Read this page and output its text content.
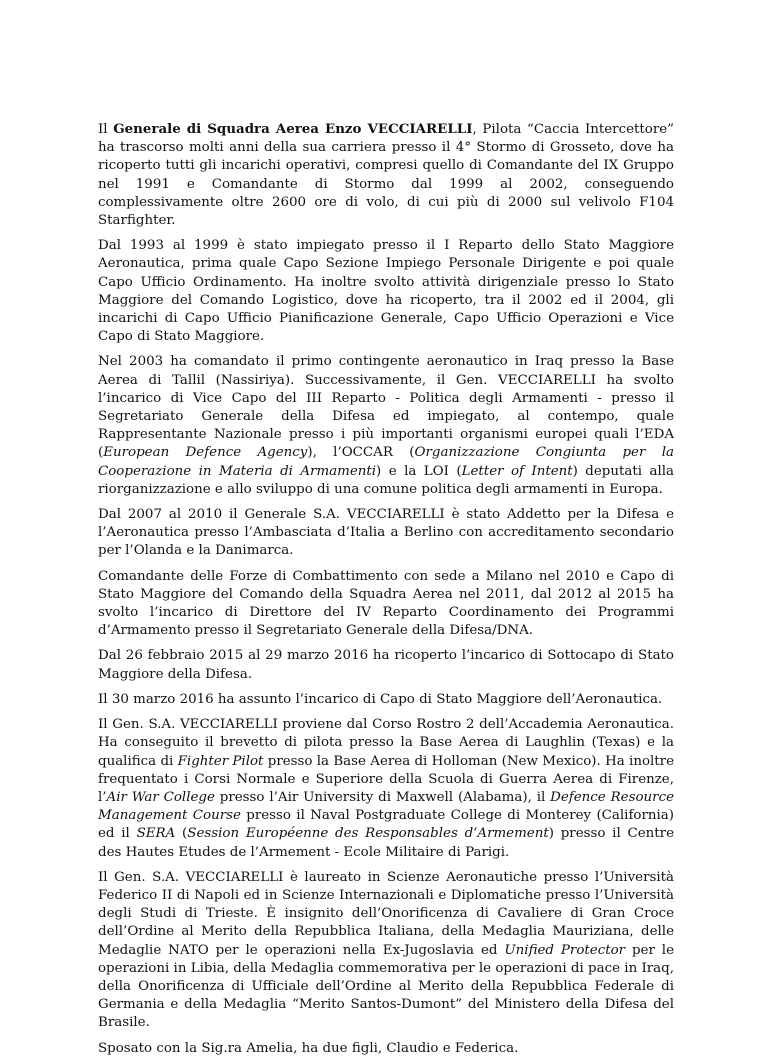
Il Generale di Squadra Aerea Enzo VECCIARELLI, Pilota “Caccia Intercettore” ha trascorso molti anni della sua carriera presso il 4° Stormo di Grosseto, dove ha ricoperto tutti gli incarichi operativi, compresi quello di Comandante del IX Gruppo nel 1991 e Comandante di Stormo dal 1999 al 2002, conseguendo complessivamente oltre 2600 ore di volo, di cui più di 2000 sul velivolo F104 Starfighter.

Dal 1993 al 1999 è stato impiegato presso il I Reparto dello Stato Maggiore Aeronautica, prima quale Capo Sezione Impiego Personale Dirigente e poi quale Capo Ufficio Ordinamento. Ha inoltre svolto attività dirigenziale presso lo Stato Maggiore del Comando Logistico, dove ha ricoperto, tra il 2002 ed il 2004, gli incarichi di Capo Ufficio Pianificazione Generale, Capo Ufficio Operazioni e Vice Capo di Stato Maggiore.

Nel 2003 ha comandato il primo contingente aeronautico in Iraq presso la Base Aerea di Tallil (Nassiriya). Successivamente, il Gen. VECCIARELLI ha svolto l’incarico di Vice Capo del III Reparto - Politica degli Armamenti - presso il Segretariato Generale della Difesa ed impiegato, al contempo, quale Rappresentante Nazionale presso i più importanti organismi europei quali l’EDA (European Defence Agency), l’OCCAR (Organizzazione Congiunta per la Cooperazione in Materia di Armamenti) e la LOI (Letter of Intent) deputati alla riorganizzazione e allo sviluppo di una comune politica degli armamenti in Europa.

Dal 2007 al 2010 il Generale S.A. VECCIARELLI è stato Addetto per la Difesa e l’Aeronautica presso l’Ambasciata d’Italia a Berlino con accreditamento secondario per l’Olanda e la Danimarca.

Comandante delle Forze di Combattimento con sede a Milano nel 2010 e Capo di Stato Maggiore del Comando della Squadra Aerea nel 2011, dal 2012 al 2015 ha svolto l’incarico di Direttore del IV Reparto Coordinamento dei Programmi d’Armamento presso il Segretariato Generale della Difesa/DNA.

Dal 26 febbraio 2015 al 29 marzo 2016 ha ricoperto l’incarico di Sottocapo di Stato Maggiore della Difesa.

Il 30 marzo 2016 ha assunto l’incarico di Capo di Stato Maggiore dell’Aeronautica.

Il Gen. S.A. VECCIARELLI proviene dal Corso Rostro 2 dell’Accademia Aeronautica. Ha conseguito il brevetto di pilota presso la Base Aerea di Laughlin (Texas) e la qualifica di Fighter Pilot presso la Base Aerea di Holloman (New Mexico). Ha inoltre frequentato i Corsi Normale e Superiore della Scuola di Guerra Aerea di Firenze, l’Air War College presso l’Air University di Maxwell (Alabama), il Defence Resource Management Course presso il Naval Postgraduate College di Monterey (California) ed il SERA (Session Européenne des Responsables d’Armement) presso il Centre des Hautes Etudes de l’Armement - Ecole Militaire di Parigi.

Il Gen. S.A. VECCIARELLI è laureato in Scienze Aeronautiche presso l’Università Federico II di Napoli ed in Scienze Internazionali e Diplomatiche presso l’Università degli Studi di Trieste. È insignito dell’Onorificenza di Cavaliere di Gran Croce dell’Ordine al Merito della Repubblica Italiana, della Medaglia Mauriziana, delle Medaglie NATO per le operazioni nella Ex-Jugoslavia ed Unified Protector per le operazioni in Libia, della Medaglia commemorativa per le operazioni di pace in Iraq, della Onorificenza di Ufficiale dell’Ordine al Merito della Repubblica Federale di Germania e della Medaglia “Merito Santos-Dumont” del Ministero della Difesa del Brasile.

Sposato con la Sig.ra Amelia, ha due figli, Claudio e Federica.
